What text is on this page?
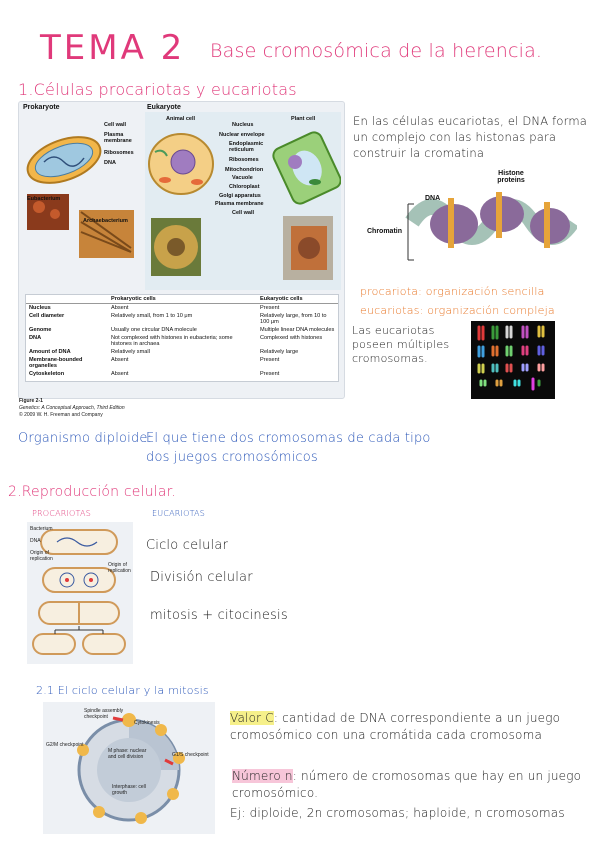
TEMA 2 Base cromosómica de la herencia.
1.Células procariotas y eucariotas
Prokaryote	Eukaryote
Cell wall
Plasma membrane
Ribosomes
DNA
Eubacterium
Archaebacterium
Animal cell	Plant cell
Nucleus
Nuclear envelope
Endoplasmic reticulum
Ribosomes
Mitochondrion
Vacuole
Chloroplast
Golgi apparatus
Plasma membrane
Cell wall
	Prokaryotic cells	Eukaryotic cells
Nucleus	Absent	Present
Cell diameter	Relatively small, from 1 to 10 μm	Relatively large, from 10 to 100 μm
Genome	Usually one circular DNA molecule	Multiple linear DNA molecules
DNA	Not complexed with histones in eubacteria; some histones in archaea	Complexed with histones
Amount of DNA	Relatively small	Relatively large
Membrane-bounded organelles	Absent	Present
Cytoskeleton	Absent	Present
Figure 2-1
Genetics: A Conceptual Approach, Third Edition
© 2009 W. H. Freeman and Company
En las células eucariotas, el DNA forma un complejo con las histonas para construir la cromatina
DNA
Histone proteins
Chromatin
procariota: organización sencilla
eucariotas: organización compleja
Las eucariotas poseen múltiples cromosomas.
Organismo diploide:
El que tiene dos cromosomas de cada tipo
dos juegos cromosómicos
2.Reproducción celular.
PROCARIOTAS	EUCARIOTAS
Bacterium
DNA
Origin of replication
Origin of replication
Ciclo celular
División celular
mitosis + citocinesis
2.1 El ciclo celular y la mitosis
Spindle assembly checkpoint
Cytokinesis
G2/M checkpoint
M phase: nuclear and cell division
Interphase: cell growth
G1/S checkpoint
Valor C: cantidad de DNA correspondiente a un juego cromosómico con una cromátida cada cromosoma
Número n: número de cromosomas que hay en un juego cromosómico.
Ej: diploide, 2n cromosomas; haploide, n cromosomas
